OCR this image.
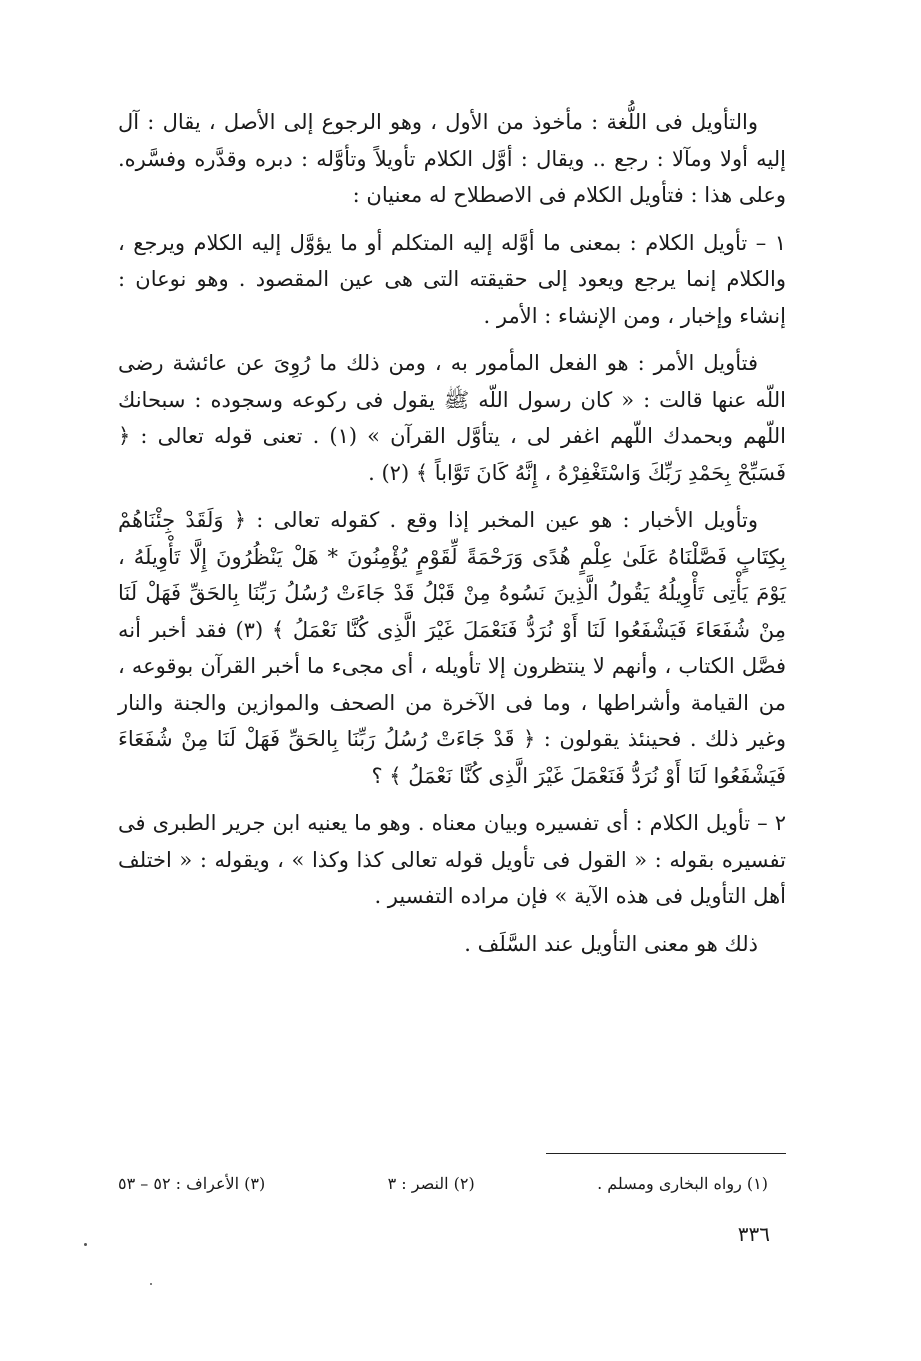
والتأويل فى اللُّغة : مأخوذ من الأول ، وهو الرجوع إلى الأصل ، يقال : آل إليه أولا ومآلا : رجع .. ويقال : أوَّل الكلام تأويلاً وتأوَّله : دبره وقدَّره وفسَّره. وعلى هذا : فتأويل الكلام فى الاصطلاح له معنيان :

١ – تأويل الكلام : بمعنى ما أوَّله إليه المتكلم أو ما يؤوَّل إليه الكلام ويرجع ، والكلام إنما يرجع ويعود إلى حقيقته التى هى عين المقصود . وهو نوعان : إنشاء وإخبار ، ومن الإنشاء : الأمر .

فتأويل الأمر : هو الفعل المأمور به ، ومن ذلك ما رُوِىَ عن عائشة رضى اللّه عنها قالت : « كان رسول اللّه ﷺ يقول فى ركوعه وسجوده : سبحانك اللّهم وبحمدك اللّهم اغفر لى ، يتأوَّل القرآن » (١) . تعنى قوله تعالى : ﴿ فَسَبِّحْ بِحَمْدِ رَبِّكَ وَاسْتَغْفِرْهُ ، إِنَّهُ كَانَ تَوَّاباً ﴾ (٢) .

وتأويل الأخبار : هو عين المخبر إذا وقع . كقوله تعالى : ﴿ وَلَقَدْ جِئْنَاهُمْ بِكِتَابٍ فَصَّلْنَاهُ عَلَىٰ عِلْمٍ هُدًى وَرَحْمَةً لِّقَوْمٍ يُؤْمِنُونَ * هَلْ يَنْظُرُونَ إِلَّا تَأْوِيلَهُ ، يَوْمَ يَأْتِى تَأْوِيلُهُ يَقُولُ الَّذِينَ نَسُوهُ مِنْ قَبْلُ قَدْ جَاءَتْ رُسُلُ رَبِّنَا بِالحَقِّ فَهَلْ لَنَا مِنْ شُفَعَاءَ فَيَشْفَعُوا لَنَا أَوْ نُرَدُّ فَنَعْمَلَ غَيْرَ الَّذِى كُنَّا نَعْمَلُ ﴾ (٣) فقد أخبر أنه فصَّل الكتاب ، وأنهم لا ينتظرون إلا تأويله ، أى مجىء ما أخبر القرآن بوقوعه ، من القيامة وأشراطها ، وما فى الآخرة من الصحف والموازين والجنة والنار وغير ذلك . فحينئذ يقولون : ﴿ قَدْ جَاءَتْ رُسُلُ رَبِّنَا بِالحَقِّ فَهَلْ لَنَا مِنْ شُفَعَاءَ فَيَشْفَعُوا لَنَا أَوْ نُرَدُّ فَنَعْمَلَ غَيْرَ الَّذِى كُنَّا نَعْمَلُ ﴾ ؟

٢ – تأويل الكلام : أى تفسيره وبيان معناه . وهو ما يعنيه ابن جرير الطبرى فى تفسيره بقوله : « القول فى تأويل قوله تعالى كذا وكذا » ، ويقوله : « اختلف أهل التأويل فى هذه الآية » فإن مراده التفسير .

ذلك هو معنى التأويل عند السَّلَف .

(١) رواه البخارى ومسلم .
(٢) النصر : ٣
(٣) الأعراف : ٥٢ – ٥٣
٣٣٦
